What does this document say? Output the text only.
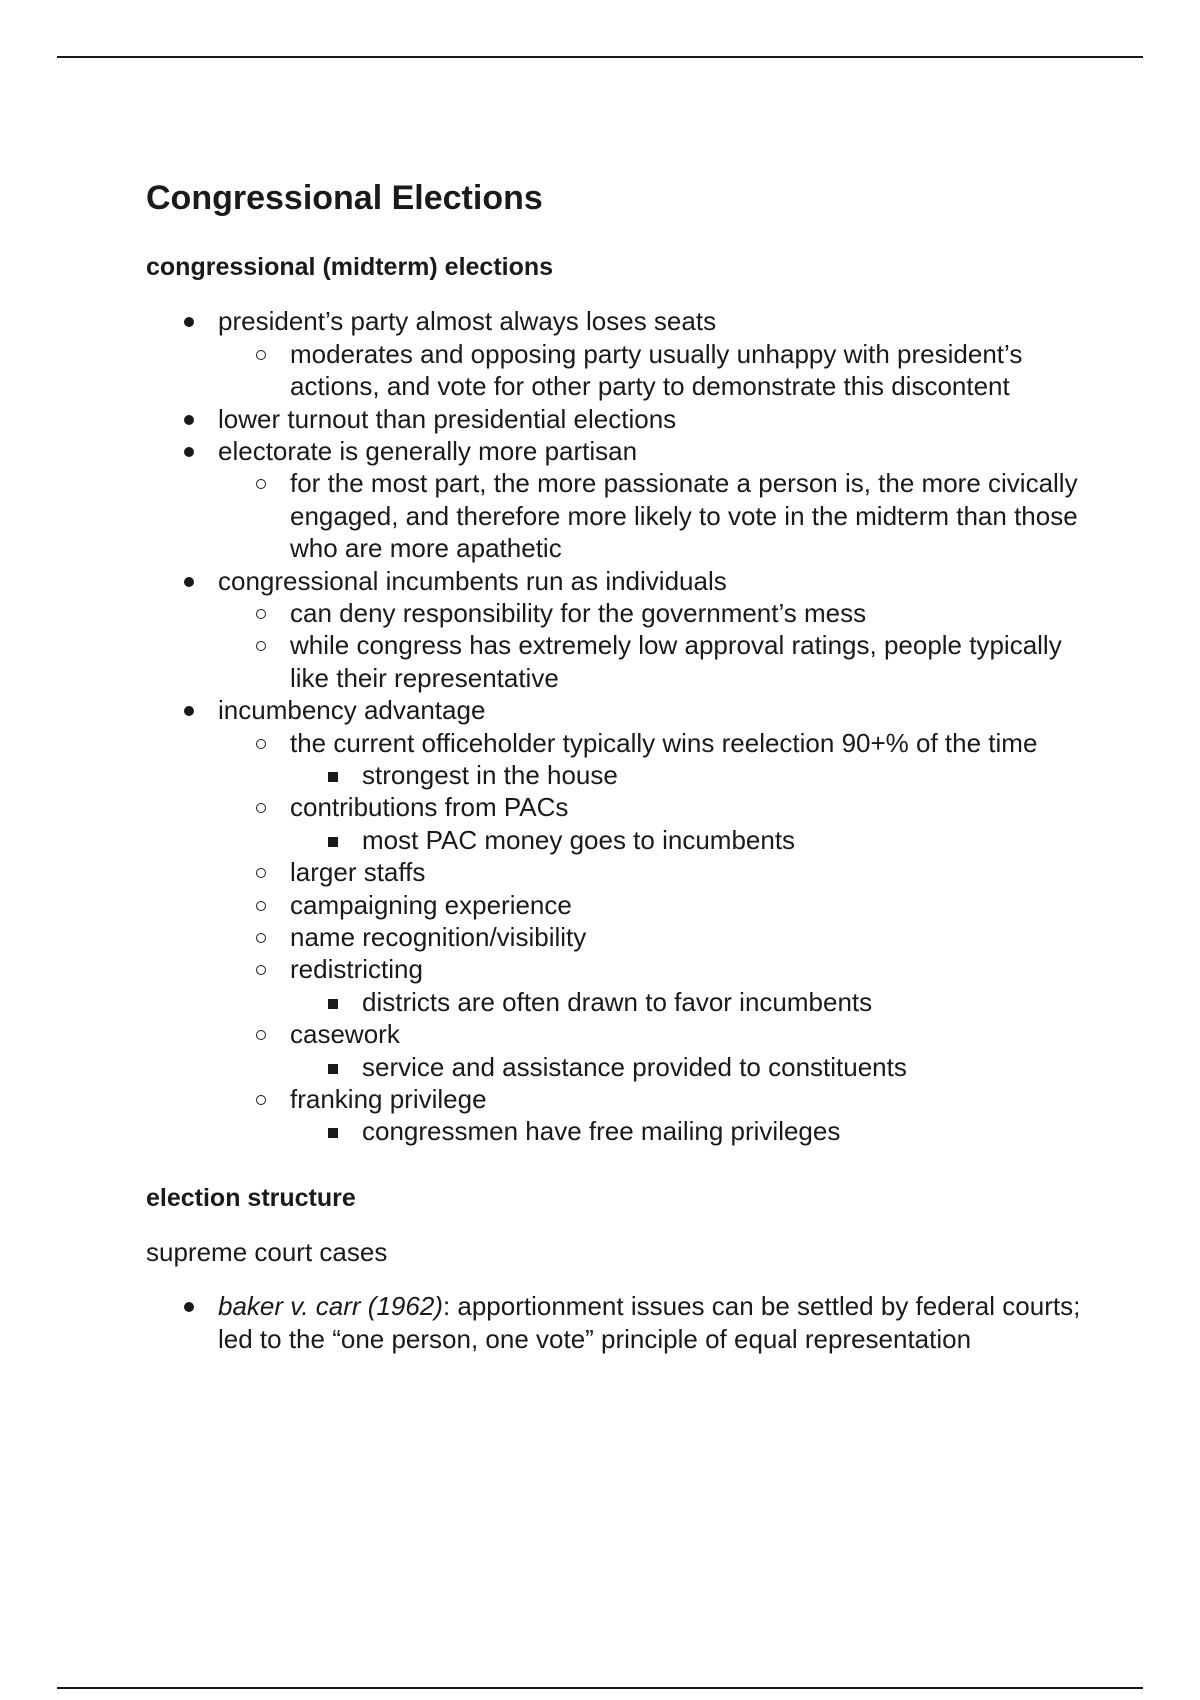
Congressional Elections
congressional (midterm) elections
president’s party almost always loses seats
moderates and opposing party usually unhappy with president’s actions, and vote for other party to demonstrate this discontent
lower turnout than presidential elections
electorate is generally more partisan
for the most part, the more passionate a person is, the more civically engaged, and therefore more likely to vote in the midterm than those who are more apathetic
congressional incumbents run as individuals
can deny responsibility for the government’s mess
while congress has extremely low approval ratings, people typically like their representative
incumbency advantage
the current officeholder typically wins reelection 90+% of the time
strongest in the house
contributions from PACs
most PAC money goes to incumbents
larger staffs
campaigning experience
name recognition/visibility
redistricting
districts are often drawn to favor incumbents
casework
service and assistance provided to constituents
franking privilege
congressmen have free mailing privileges
election structure

supreme court cases

baker v. carr (1962): apportionment issues can be settled by federal courts; led to the “one person, one vote” principle of equal representation
